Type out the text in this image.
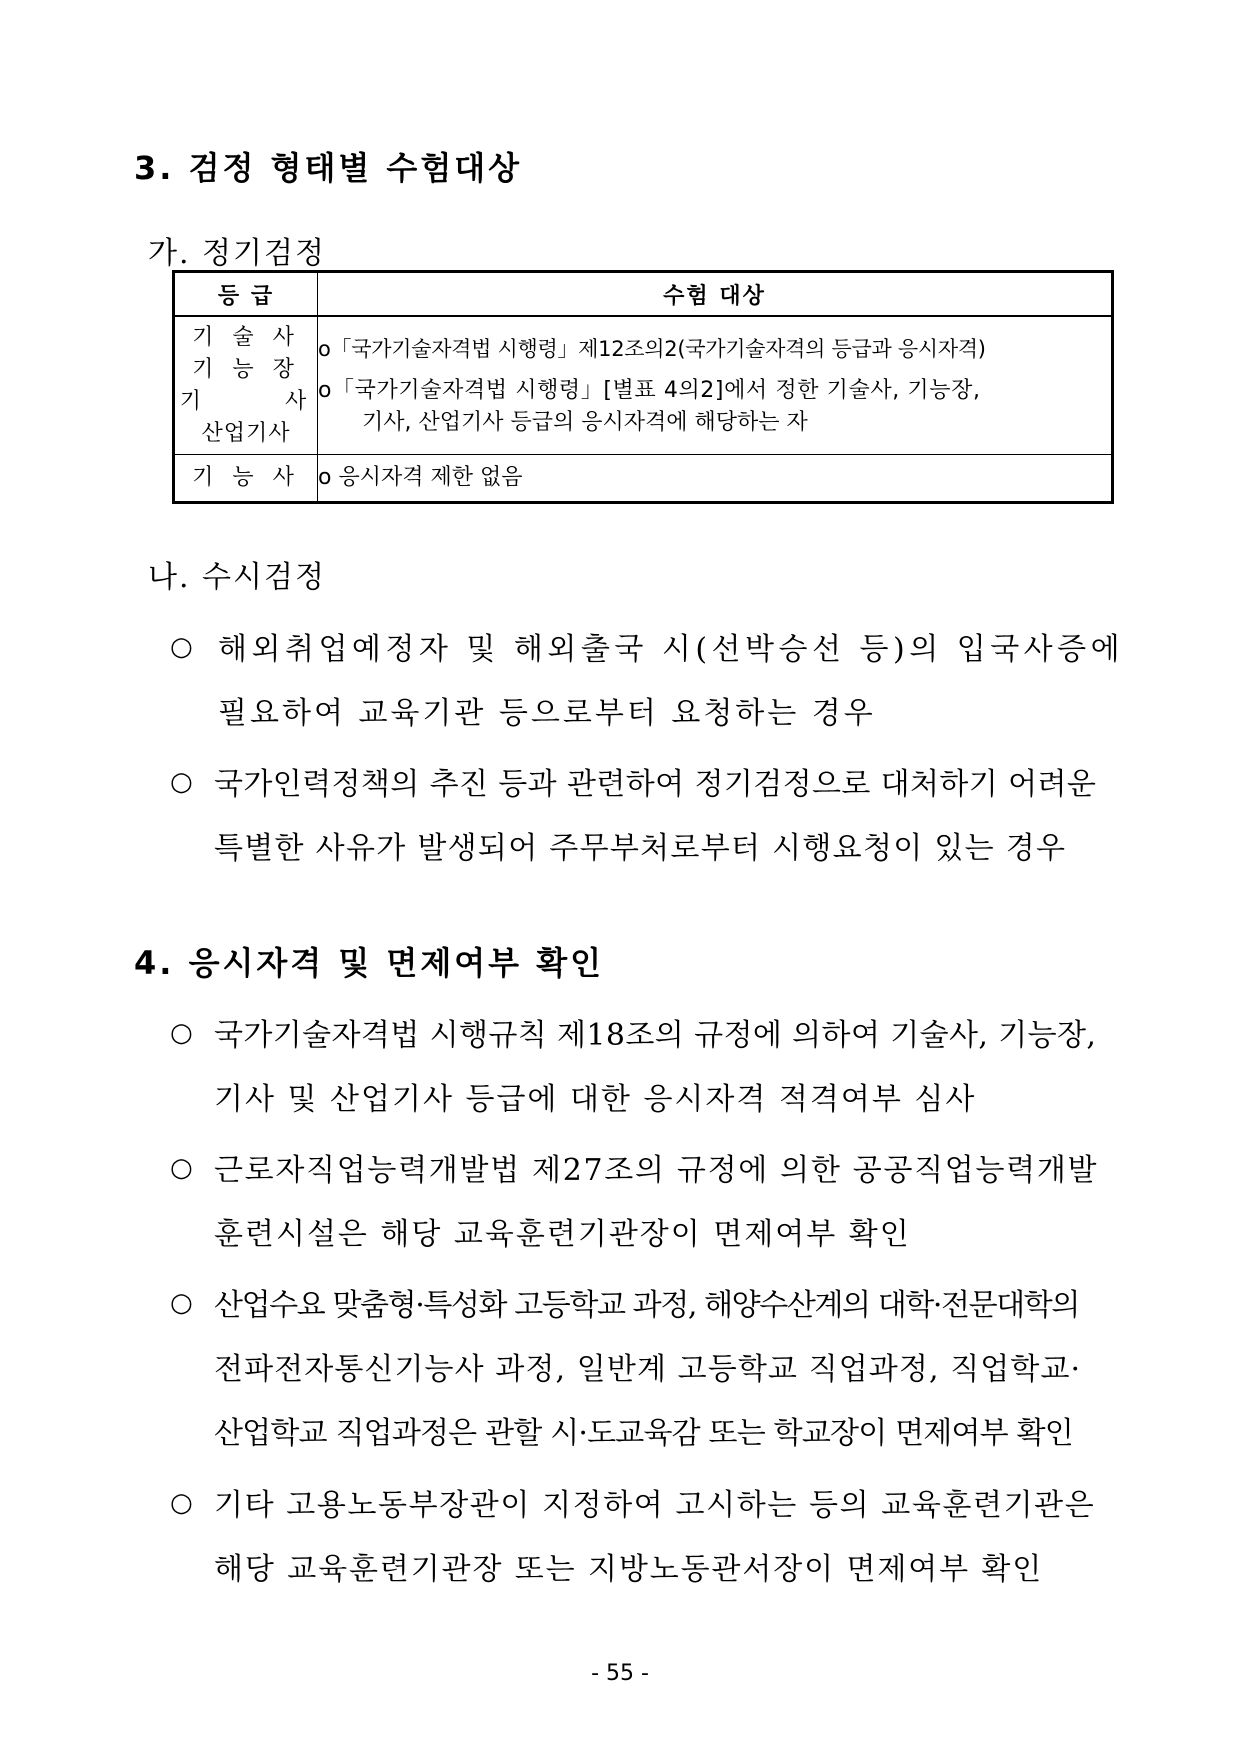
3. 검정 형태별 수험대상
가. 정기검정
등 급	수험 대상

기 술 사
기 능 장
기      사
산업기사	o「국가기술자격법 시행령」제12조의2(국가기술자격의 등급과 응시자격)
o「국가기술자격법 시행령」[별표 4의2]에서 정한 기술사, 기능장,
기사, 산업기사 등급의 응시자격에 해당하는 자

기 능 사	o 응시자격 제한 없음
나. 수시검정
○ 해외취업예정자 및 해외출국 시(선박승선 등)의 입국사증에
필요하여 교육기관 등으로부터 요청하는 경우
○ 국가인력정책의 추진 등과 관련하여 정기검정으로 대처하기 어려운
특별한 사유가 발생되어 주무부처로부터 시행요청이 있는 경우
4. 응시자격 및 면제여부 확인
○ 국가기술자격법 시행규칙 제18조의 규정에 의하여 기술사, 기능장,
기사 및 산업기사 등급에 대한 응시자격 적격여부 심사
○ 근로자직업능력개발법 제27조의 규정에 의한 공공직업능력개발
훈련시설은 해당 교육훈련기관장이 면제여부 확인
○ 산업수요 맞춤형·특성화 고등학교 과정, 해양수산계의 대학·전문대학의
전파전자통신기능사 과정, 일반계 고등학교 직업과정, 직업학교·
산업학교 직업과정은 관할 시·도교육감 또는 학교장이 면제여부 확인
○ 기타 고용노동부장관이 지정하여 고시하는 등의 교육훈련기관은
해당 교육훈련기관장 또는 지방노동관서장이 면제여부 확인
- 55 -
